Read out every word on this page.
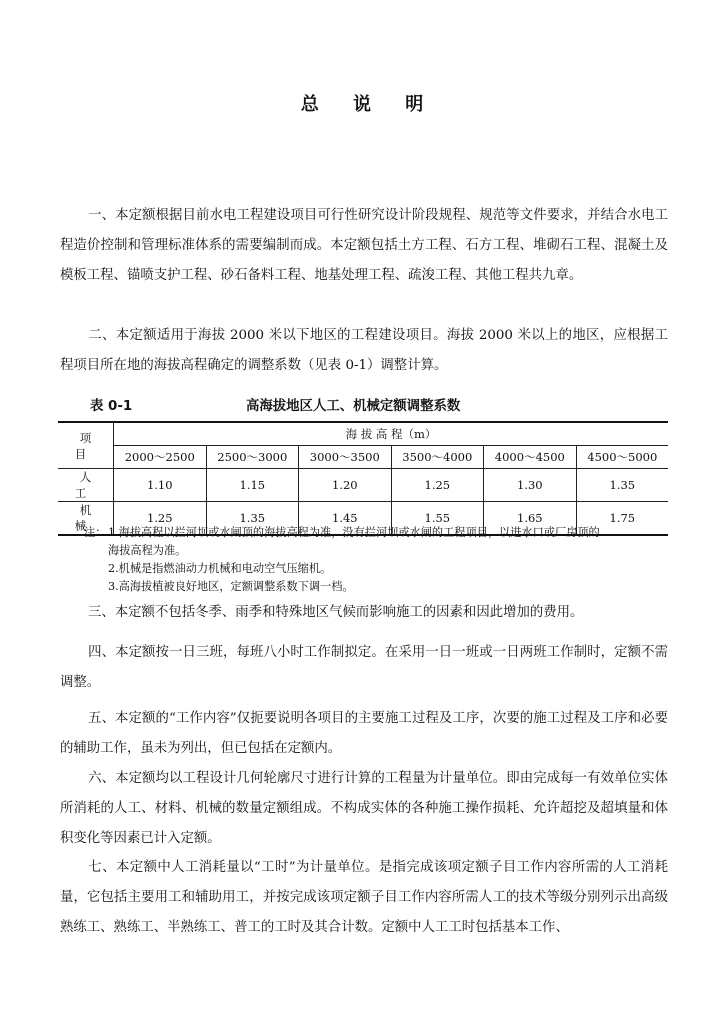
总 说 明

一、本定额根据目前水电工程建设项目可行性研究设计阶段规程、规范等文件要求，并结合水电工程造价控制和管理标准体系的需要编制而成。本定额包括土方工程、石方工程、堆砌石工程、混凝土及模板工程、锚喷支护工程、砂石备料工程、地基处理工程、疏浚工程、其他工程共九章。

二、本定额适用于海拔 2000 米以下地区的工程建设项目。海拔 2000 米以上的地区，应根据工程项目所在地的海拔高程确定的调整系数（见表 0-1）调整计算。

表 0-1	高海拔地区人工、机械定额调整系数
项 目	海 拔 高 程（m）					
	2000～2500	2500～3000	3000～3500	3500～4000	4000～4500	4500～5000
人 工	1.10	1.15	1.20	1.25	1.30	1.35
机 械	1.25	1.35	1.45	1.55	1.65	1.75
注： 1.海拔高程以拦河坝或水闸顶的海拔高程为准，没有拦河坝或水闸的工程项目，以进水口或厂房顶的
海拔高程为准。
2.机械是指燃油动力机械和电动空气压缩机。
3.高海拔植被良好地区，定额调整系数下调一档。

三、本定额不包括冬季、雨季和特殊地区气候而影响施工的因素和因此增加的费用。

四、本定额按一日三班，每班八小时工作制拟定。在采用一日一班或一日两班工作制时，定额不需调整。

五、本定额的“工作内容”仅扼要说明各项目的主要施工过程及工序，次要的施工过程及工序和必要的辅助工作，虽未为列出，但已包括在定额内。

六、本定额均以工程设计几何轮廓尺寸进行计算的工程量为计量单位。即由完成每一有效单位实体所消耗的人工、材料、机械的数量定额组成。不构成实体的各种施工操作损耗、允许超挖及超填量和体积变化等因素已计入定额。

七、本定额中人工消耗量以“工时”为计量单位。是指完成该项定额子目工作内容所需的人工消耗量，它包括主要用工和辅助用工，并按完成该项定额子目工作内容所需人工的技术等级分别列示出高级熟练工、熟练工、半熟练工、普工的工时及其合计数。定额中人工工时包括基本工作、
